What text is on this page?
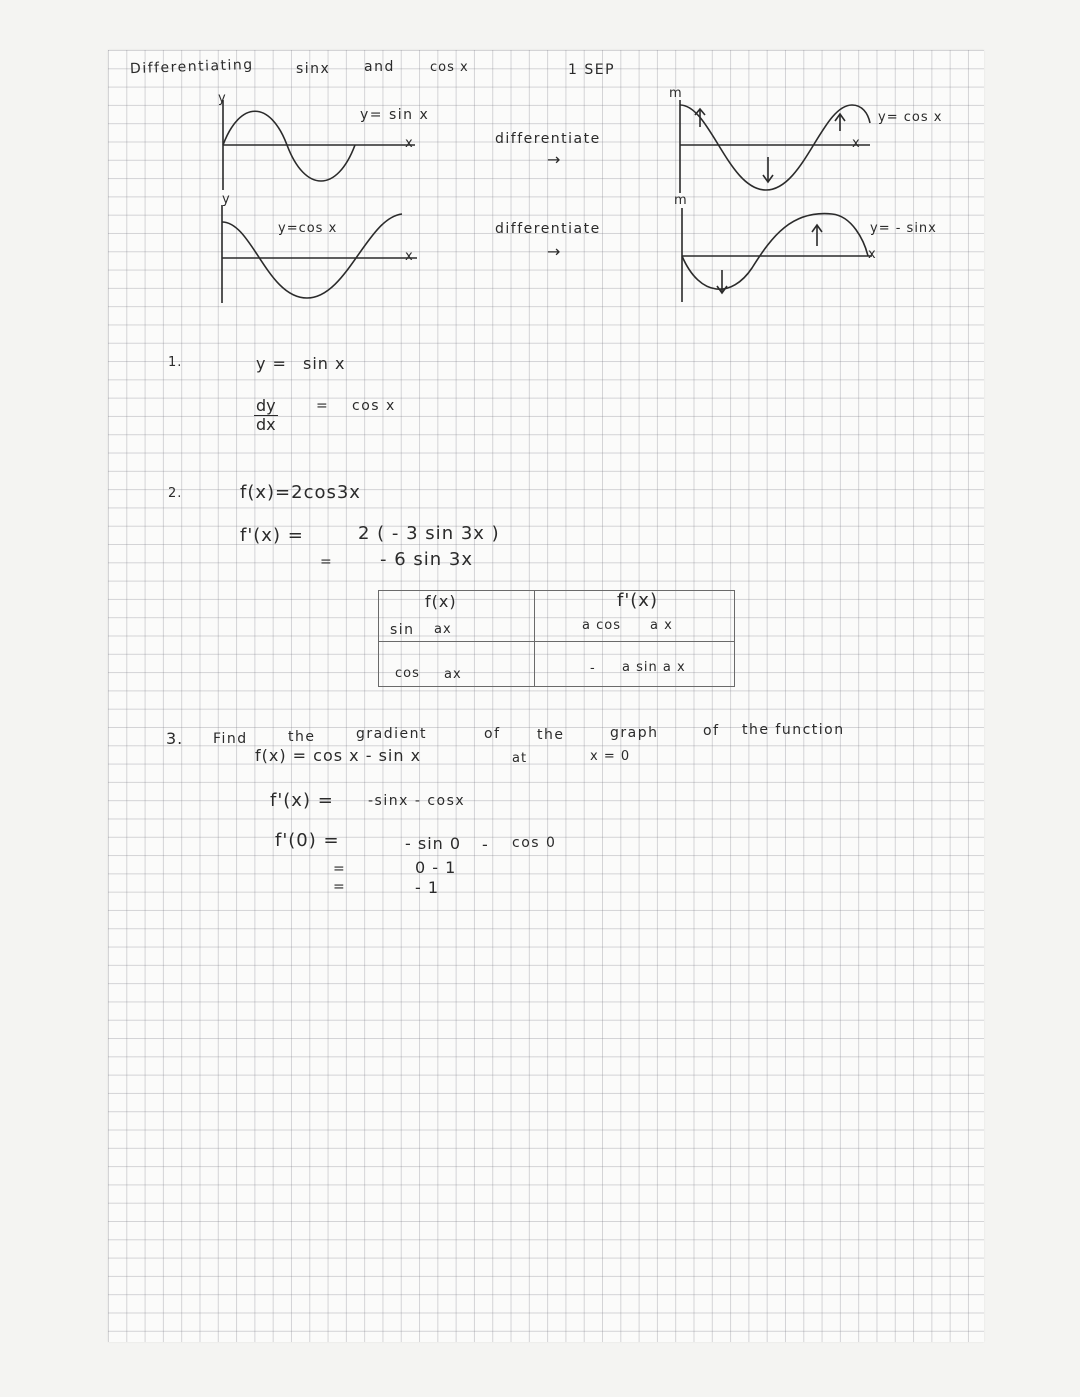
Differentiating	sinx and	cos x	1 SEP
y
y= sin x
x	differentiate
→
m
y= cos x
x
y
y=cos x
x
differentiate
→
m
y= - sinx
x
1.	y = sin x
$\frac{dy}{dx}$	= cos x
2.	f(x)=2cos3x
f'(x) =	2 ( - 3 sin 3x )
=	- 6 sin 3x
f(x)	f'(x)
sin ax	a cos a x
cos ax	- a sin a x
3. Find	the	gradient	of	the	graph	of the function
f(x) = cos x - sin x	at	x = 0
f'(x) = -sinx - cosx
f'(0) =	- sin 0 - cos 0
=	0 - 1
=	- 1
